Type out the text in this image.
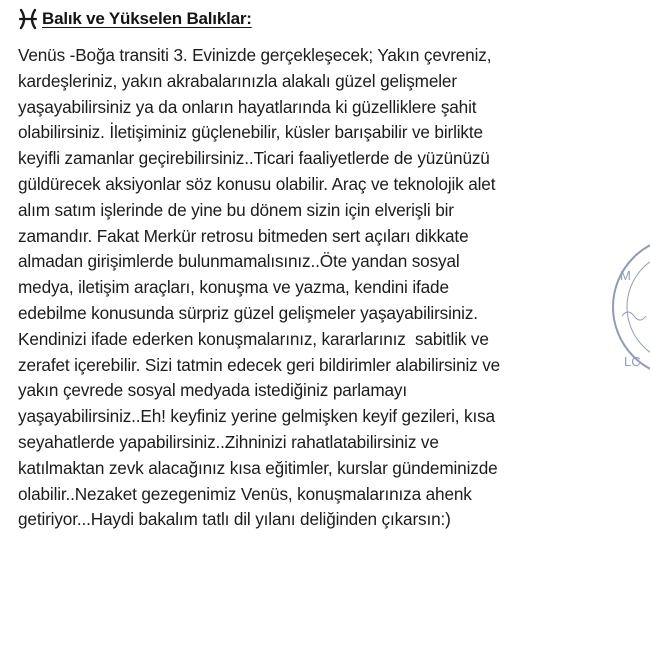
M
LC
Balık ve Yükselen Balıklar:
Venüs -Boğa transiti 3. Evinizde gerçekleşecek; Yakın çevreniz,
kardeşleriniz, yakın akrabalarınızla alakalı güzel gelişmeler
yaşayabilirsiniz ya da onların hayatlarında ki güzelliklere şahit
olabilirsiniz. İletişiminiz güçlenebilir, küsler barışabilir ve birlikte
keyifli zamanlar geçirebilirsiniz..Ticari faaliyetlerde de yüzünüzü
güldürecek aksiyonlar söz konusu olabilir. Araç ve teknolojik alet
alım satım işlerinde de yine bu dönem sizin için elverişli bir
zamandır. Fakat Merkür retrosu bitmeden sert açıları dikkate
almadan girişimlerde bulunmamalısınız..Öte yandan sosyal
medya, iletişim araçları, konuşma ve yazma, kendini ifade
edebilme konusunda sürpriz güzel gelişmeler yaşayabilirsiniz.
Kendinizi ifade ederken konuşmalarınız, kararlarınız  sabitlik ve
zerafet içerebilir. Sizi tatmin edecek geri bildirimler alabilirsiniz ve
yakın çevrede sosyal medyada istediğiniz parlamayı
yaşayabilirsiniz..Eh! keyfiniz yerine gelmişken keyif gezileri, kısa
seyahatlerde yapabilirsiniz..Zihninizi rahatlatabilirsiniz ve
katılmaktan zevk alacağınız kısa eğitimler, kurslar gündeminizde
olabilir..Nezaket gezegenimiz Venüs, konuşmalarınıza ahenk
getiriyor...Haydi bakalım tatlı dil yılanı deliğinden çıkarsın:)
